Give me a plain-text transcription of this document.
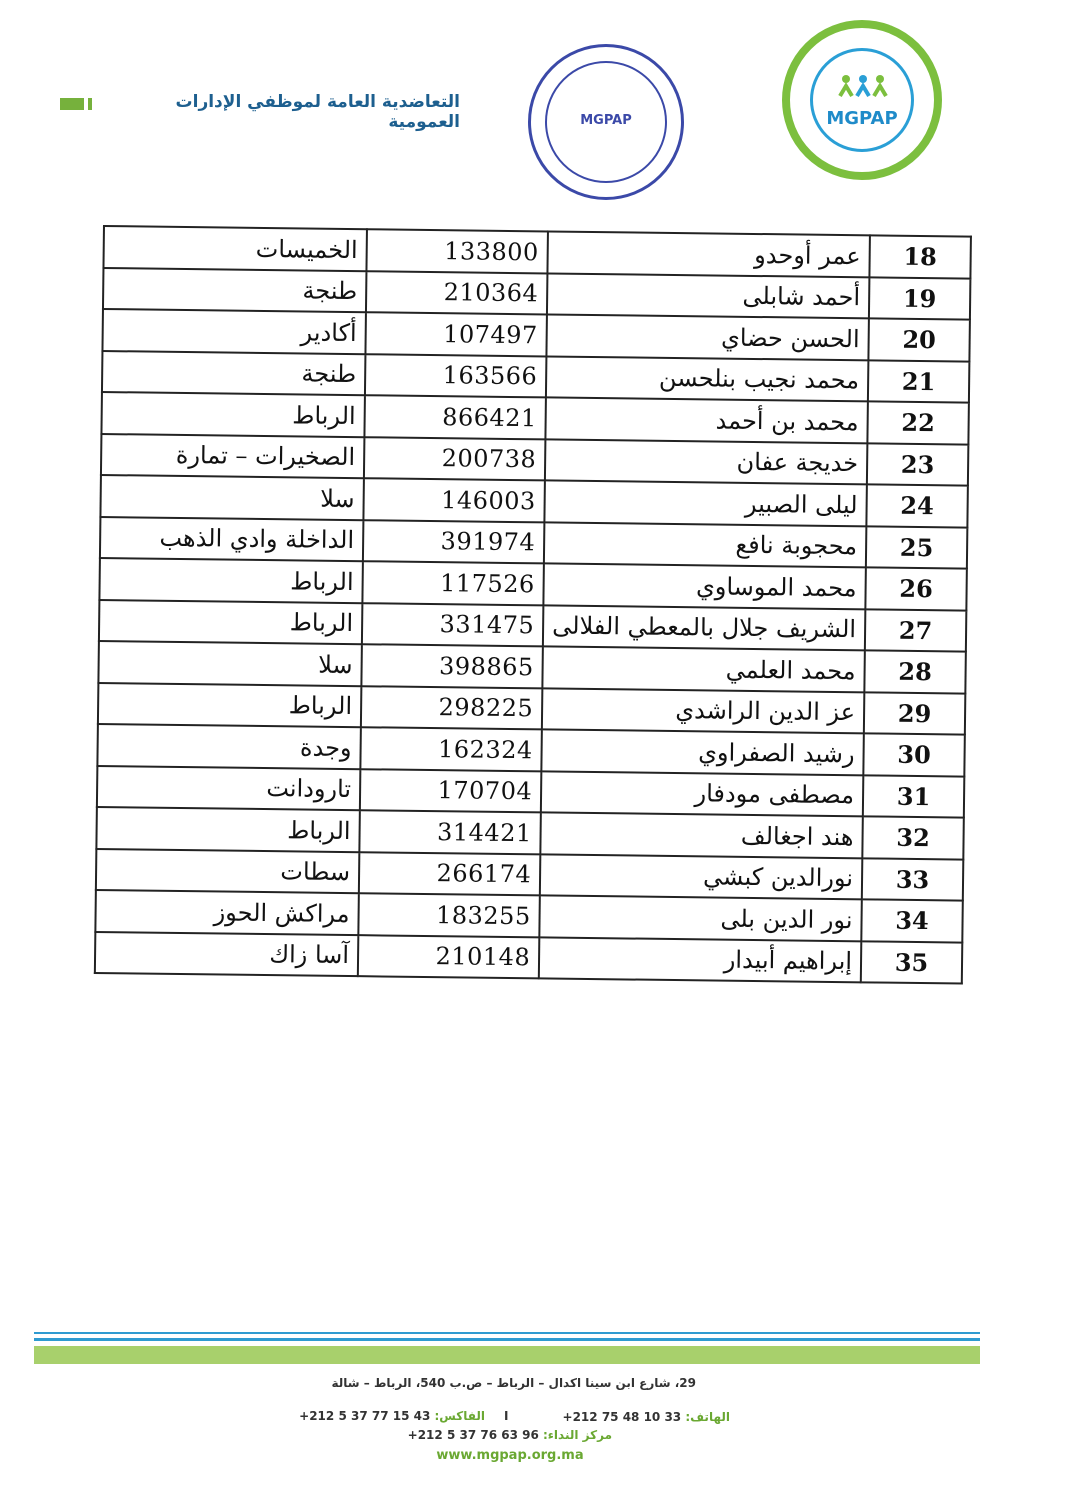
التعاضدية العامة لموظفي الإدارات العمومية	MGPAP	MGPAP
الخميسات	133800	عمر أوحدو	18
طنجة	210364	أحمد شابلى	19
أكادير	107497	الحسن حضاي	20
طنجة	163566	محمد نجيب بنلحسن	21
الرباط	866421	محمد بن أحمد	22
الصخيرات – تمارة	200738	خديجة عفان	23
سلا	146003	ليلى الصبير	24
الداخلة وادي الذهب	391974	محجوبة نافع	25
الرباط	117526	محمد الموساوي	26
الرباط	331475	الشريف جلال بالمعطي الفلالى	27
سلا	398865	محمد العلمي	28
الرباط	298225	عز الدين الراشدي	29
وجدة	162324	رشيد الصفراوي	30
تارودانت	170704	مصطفى مودفار	31
الرباط	314421	هند اجغالف	32
سطات	266174	نورالدين كبشي	33
مراكش الحوز	183255	نور الدين بلى	34
آسا زاك	210148	إبراهيم أبيدار	35
29، شارع ابن سينا اكدال – الرباط – ص.ب 540، الرباط – شالة
الهاتف: +212 75 48 10 33
I
الفاكس: +212 5 37 77 15 43
مركز النداء: +212 5 37 76 63 96
www.mgpap.org.ma
